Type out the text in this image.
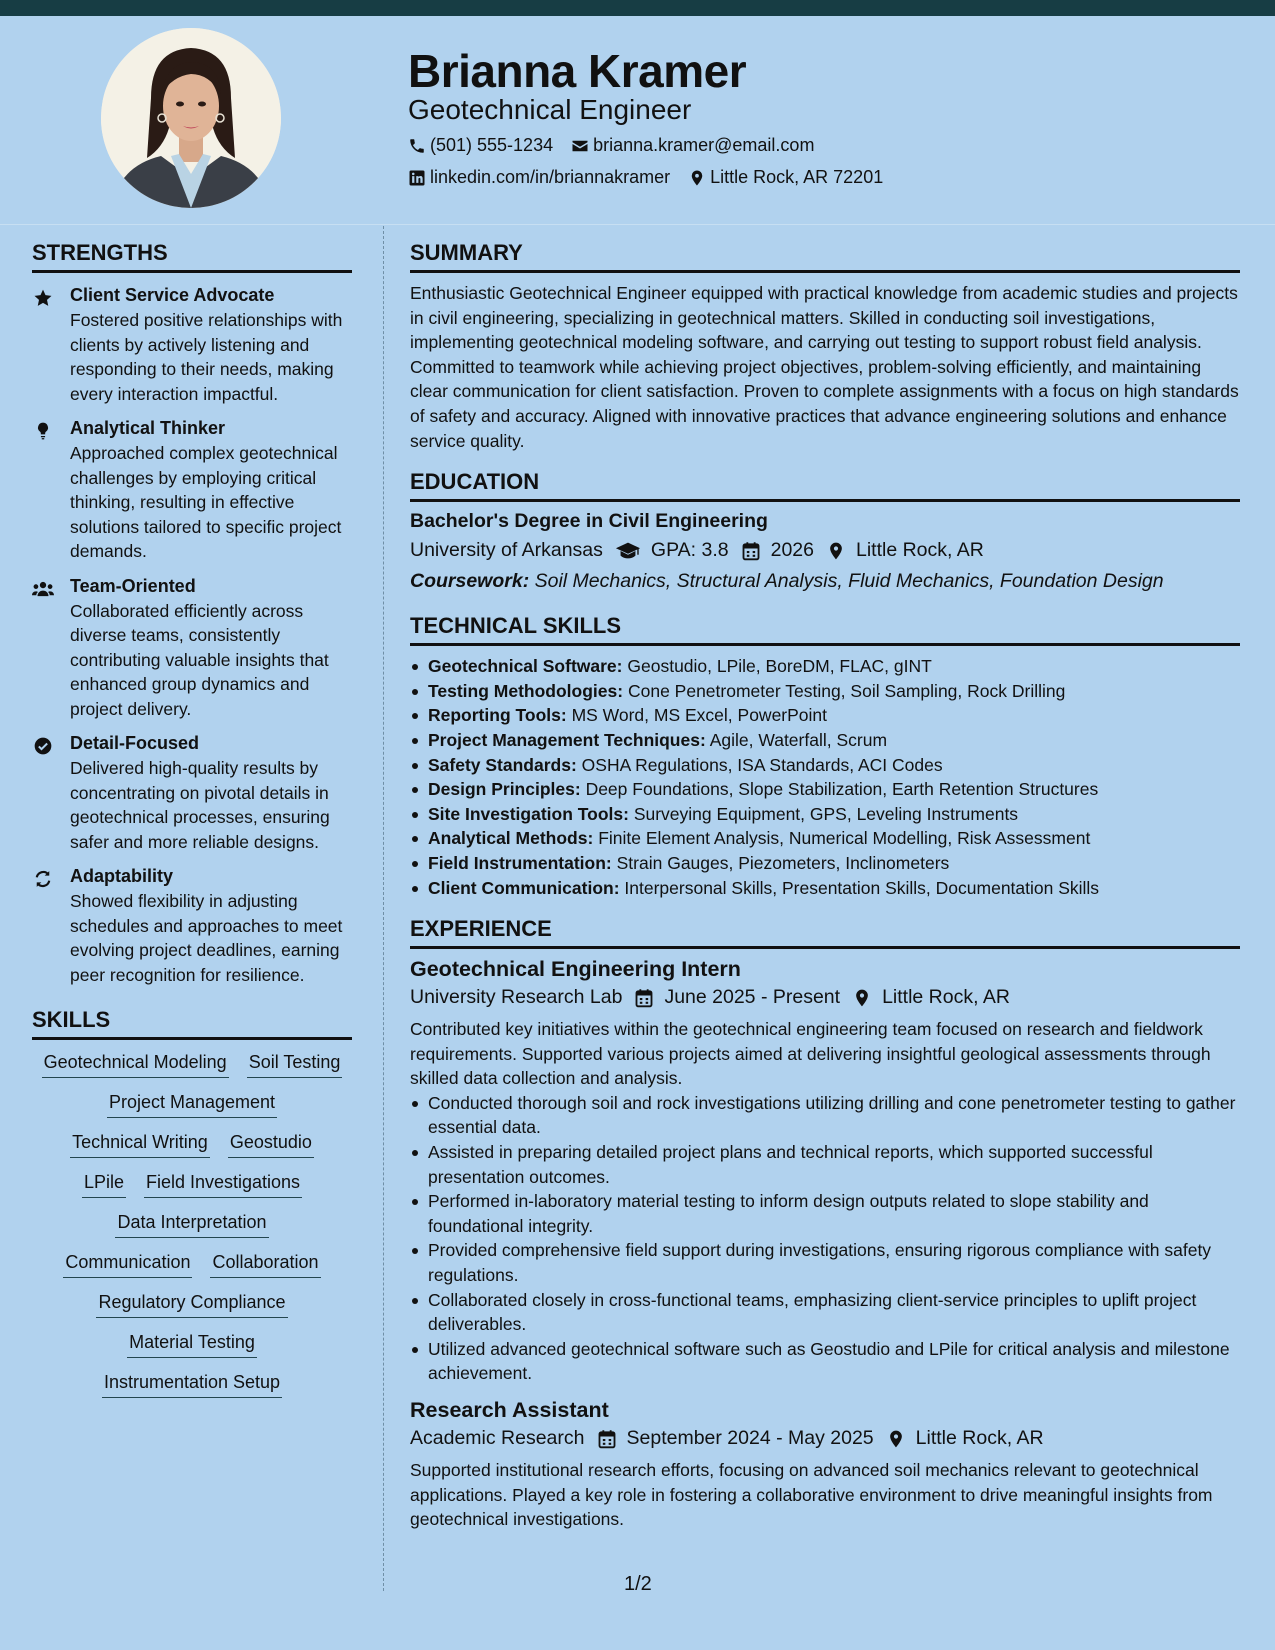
Brianna Kramer
Geotechnical Engineer
(501) 555-1234 brianna.kramer@email.com
linkedin.com/in/briannakramer Little Rock, AR 72201
STRENGTHS
Client Service Advocate
Fostered positive relationships with clients by actively listening and responding to their needs, making every interaction impactful.
Analytical Thinker
Approached complex geotechnical challenges by employing critical thinking, resulting in effective solutions tailored to specific project demands.
Team-Oriented
Collaborated efficiently across diverse teams, consistently contributing valuable insights that enhanced group dynamics and project delivery.
Detail-Focused
Delivered high-quality results by concentrating on pivotal details in geotechnical processes, ensuring safer and more reliable designs.
Adaptability
Showed flexibility in adjusting schedules and approaches to meet evolving project deadlines, earning peer recognition for resilience.
SKILLS
Geotechnical Modeling Soil Testing
Project Management
Technical Writing Geostudio
LPile Field Investigations
Data Interpretation
Communication Collaboration
Regulatory Compliance
Material Testing
Instrumentation Setup
SUMMARY
Enthusiastic Geotechnical Engineer equipped with practical knowledge from academic studies and projects in civil engineering, specializing in geotechnical matters. Skilled in conducting soil investigations, implementing geotechnical modeling software, and carrying out testing to support robust field analysis. Committed to teamwork while achieving project objectives, problem-solving efficiently, and maintaining clear communication for client satisfaction. Proven to complete assignments with a focus on high standards of safety and accuracy. Aligned with innovative practices that advance engineering solutions and enhance service quality.
EDUCATION
Bachelor's Degree in Civil Engineering
University of Arkansas GPA: 3.8 2026 Little Rock, AR
Coursework: Soil Mechanics, Structural Analysis, Fluid Mechanics, Foundation Design
TECHNICAL SKILLS
Geotechnical Software: Geostudio, LPile, BoreDM, FLAC, gINT
Testing Methodologies: Cone Penetrometer Testing, Soil Sampling, Rock Drilling
Reporting Tools: MS Word, MS Excel, PowerPoint
Project Management Techniques: Agile, Waterfall, Scrum
Safety Standards: OSHA Regulations, ISA Standards, ACI Codes
Design Principles: Deep Foundations, Slope Stabilization, Earth Retention Structures
Site Investigation Tools: Surveying Equipment, GPS, Leveling Instruments
Analytical Methods: Finite Element Analysis, Numerical Modelling, Risk Assessment
Field Instrumentation: Strain Gauges, Piezometers, Inclinometers
Client Communication: Interpersonal Skills, Presentation Skills, Documentation Skills
EXPERIENCE
Geotechnical Engineering Intern
University Research Lab June 2025 - Present Little Rock, AR
Contributed key initiatives within the geotechnical engineering team focused on research and fieldwork requirements. Supported various projects aimed at delivering insightful geological assessments through skilled data collection and analysis.
Conducted thorough soil and rock investigations utilizing drilling and cone penetrometer testing to gather essential data.
Assisted in preparing detailed project plans and technical reports, which supported successful presentation outcomes.
Performed in-laboratory material testing to inform design outputs related to slope stability and foundational integrity.
Provided comprehensive field support during investigations, ensuring rigorous compliance with safety regulations.
Collaborated closely in cross-functional teams, emphasizing client-service principles to uplift project deliverables.
Utilized advanced geotechnical software such as Geostudio and LPile for critical analysis and milestone achievement.
Research Assistant
Academic Research September 2024 - May 2025 Little Rock, AR
Supported institutional research efforts, focusing on advanced soil mechanics relevant to geotechnical applications. Played a key role in fostering a collaborative environment to drive meaningful insights from geotechnical investigations.
1/2
